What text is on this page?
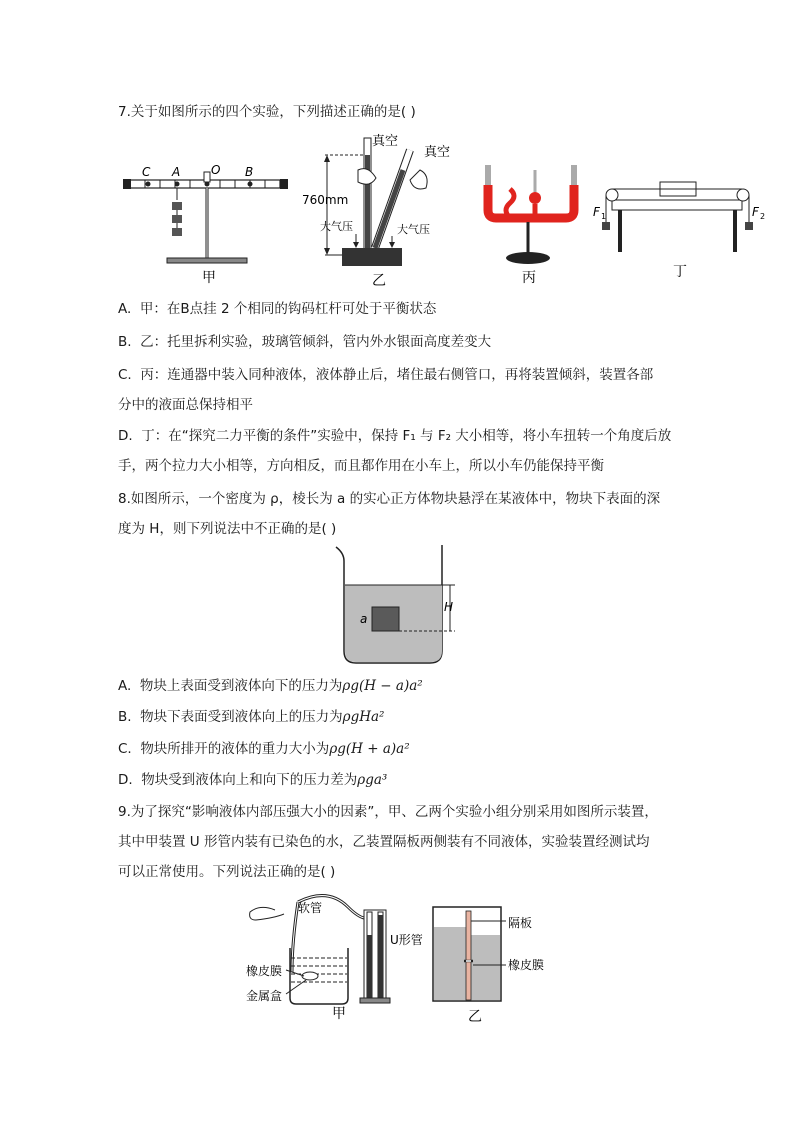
7.关于如图所示的四个实验，下列描述正确的是( )
C A	O B
甲
760mm
真空
真空
大气压	大气压
乙	丙
F 1	F 2
丁
A. 甲：在B点挂 2 个相同的钩码杠杆可处于平衡状态
B. 乙：托里拆利实验，玻璃管倾斜，管内外水银面高度差变大
C. 丙：连通器中装入同种液体，液体静止后，堵住最右侧管口，再将装置倾斜，装置各部
分中的液面总保持相平
D. 丁：在“探究二力平衡的条件”实验中，保持 F₁ 与 F₂ 大小相等，将小车扭转一个角度后放
手，两个拉力大小相等，方向相反，而且都作用在小车上，所以小车仍能保持平衡
8.如图所示，一个密度为 ρ，棱长为 a 的实心正方体物块悬浮在某液体中，物块下表面的深
度为 H，则下列说法中不正确的是( )
a
H
A. 物块上表面受到液体向下的压力为ρg(H − a)a²
B. 物块下表面受到液体向上的压力为ρgHa²
C. 物块所排开的液体的重力大小为ρg(H + a)a²
D. 物块受到液体向上和向下的压力差为ρga³
9.为了探究“影响液体内部压强大小的因素”，甲、乙两个实验小组分别采用如图所示装置，
其中甲装置 U 形管内装有已染色的水，乙装置隔板两侧装有不同液体，实验装置经测试均
可以正常使用。下列说法正确的是( )
软管
U形管
橡皮膜
金属盒
甲
隔板
橡皮膜
乙
